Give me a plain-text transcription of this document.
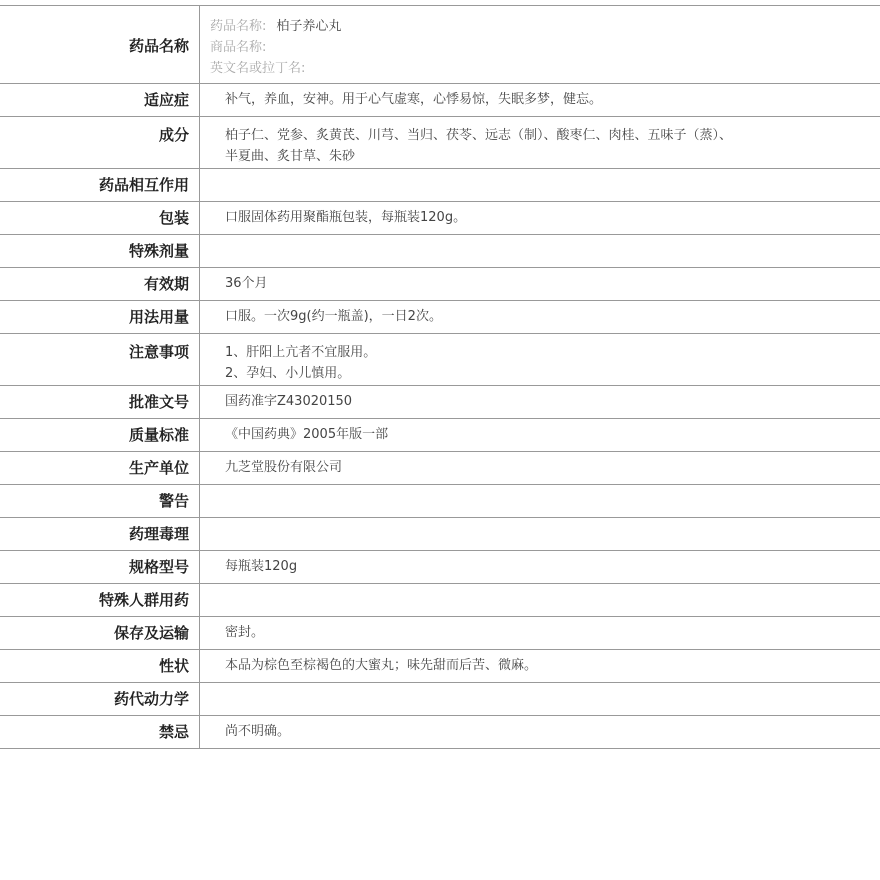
药品名称
药品名称: 柏子养心丸
商品名称:
英文名或拉丁名:
适应症	补气，养血，安神。用于心气虚寒，心悸易惊，失眠多梦，健忘。
成分	柏子仁、党参、炙黄芪、川芎、当归、茯苓、远志（制）、酸枣仁、肉桂、五味子（蒸）、
半夏曲、炙甘草、朱砂
药品相互作用
包装	口服固体药用聚酯瓶包装，每瓶装120g。
特殊剂量
有效期	36个月
用法用量	口服。一次9g(约一瓶盖)，一日2次。
注意事项	1、肝阳上亢者不宜服用。
2、孕妇、小儿慎用。
批准文号	国药准字Z43020150
质量标准	《中国药典》2005年版一部
生产单位	九芝堂股份有限公司
警告
药理毒理
规格型号	每瓶装120g
特殊人群用药
保存及运输	密封。
性状	本品为棕色至棕褐色的大蜜丸；味先甜而后苦、微麻。
药代动力学
禁忌	尚不明确。
